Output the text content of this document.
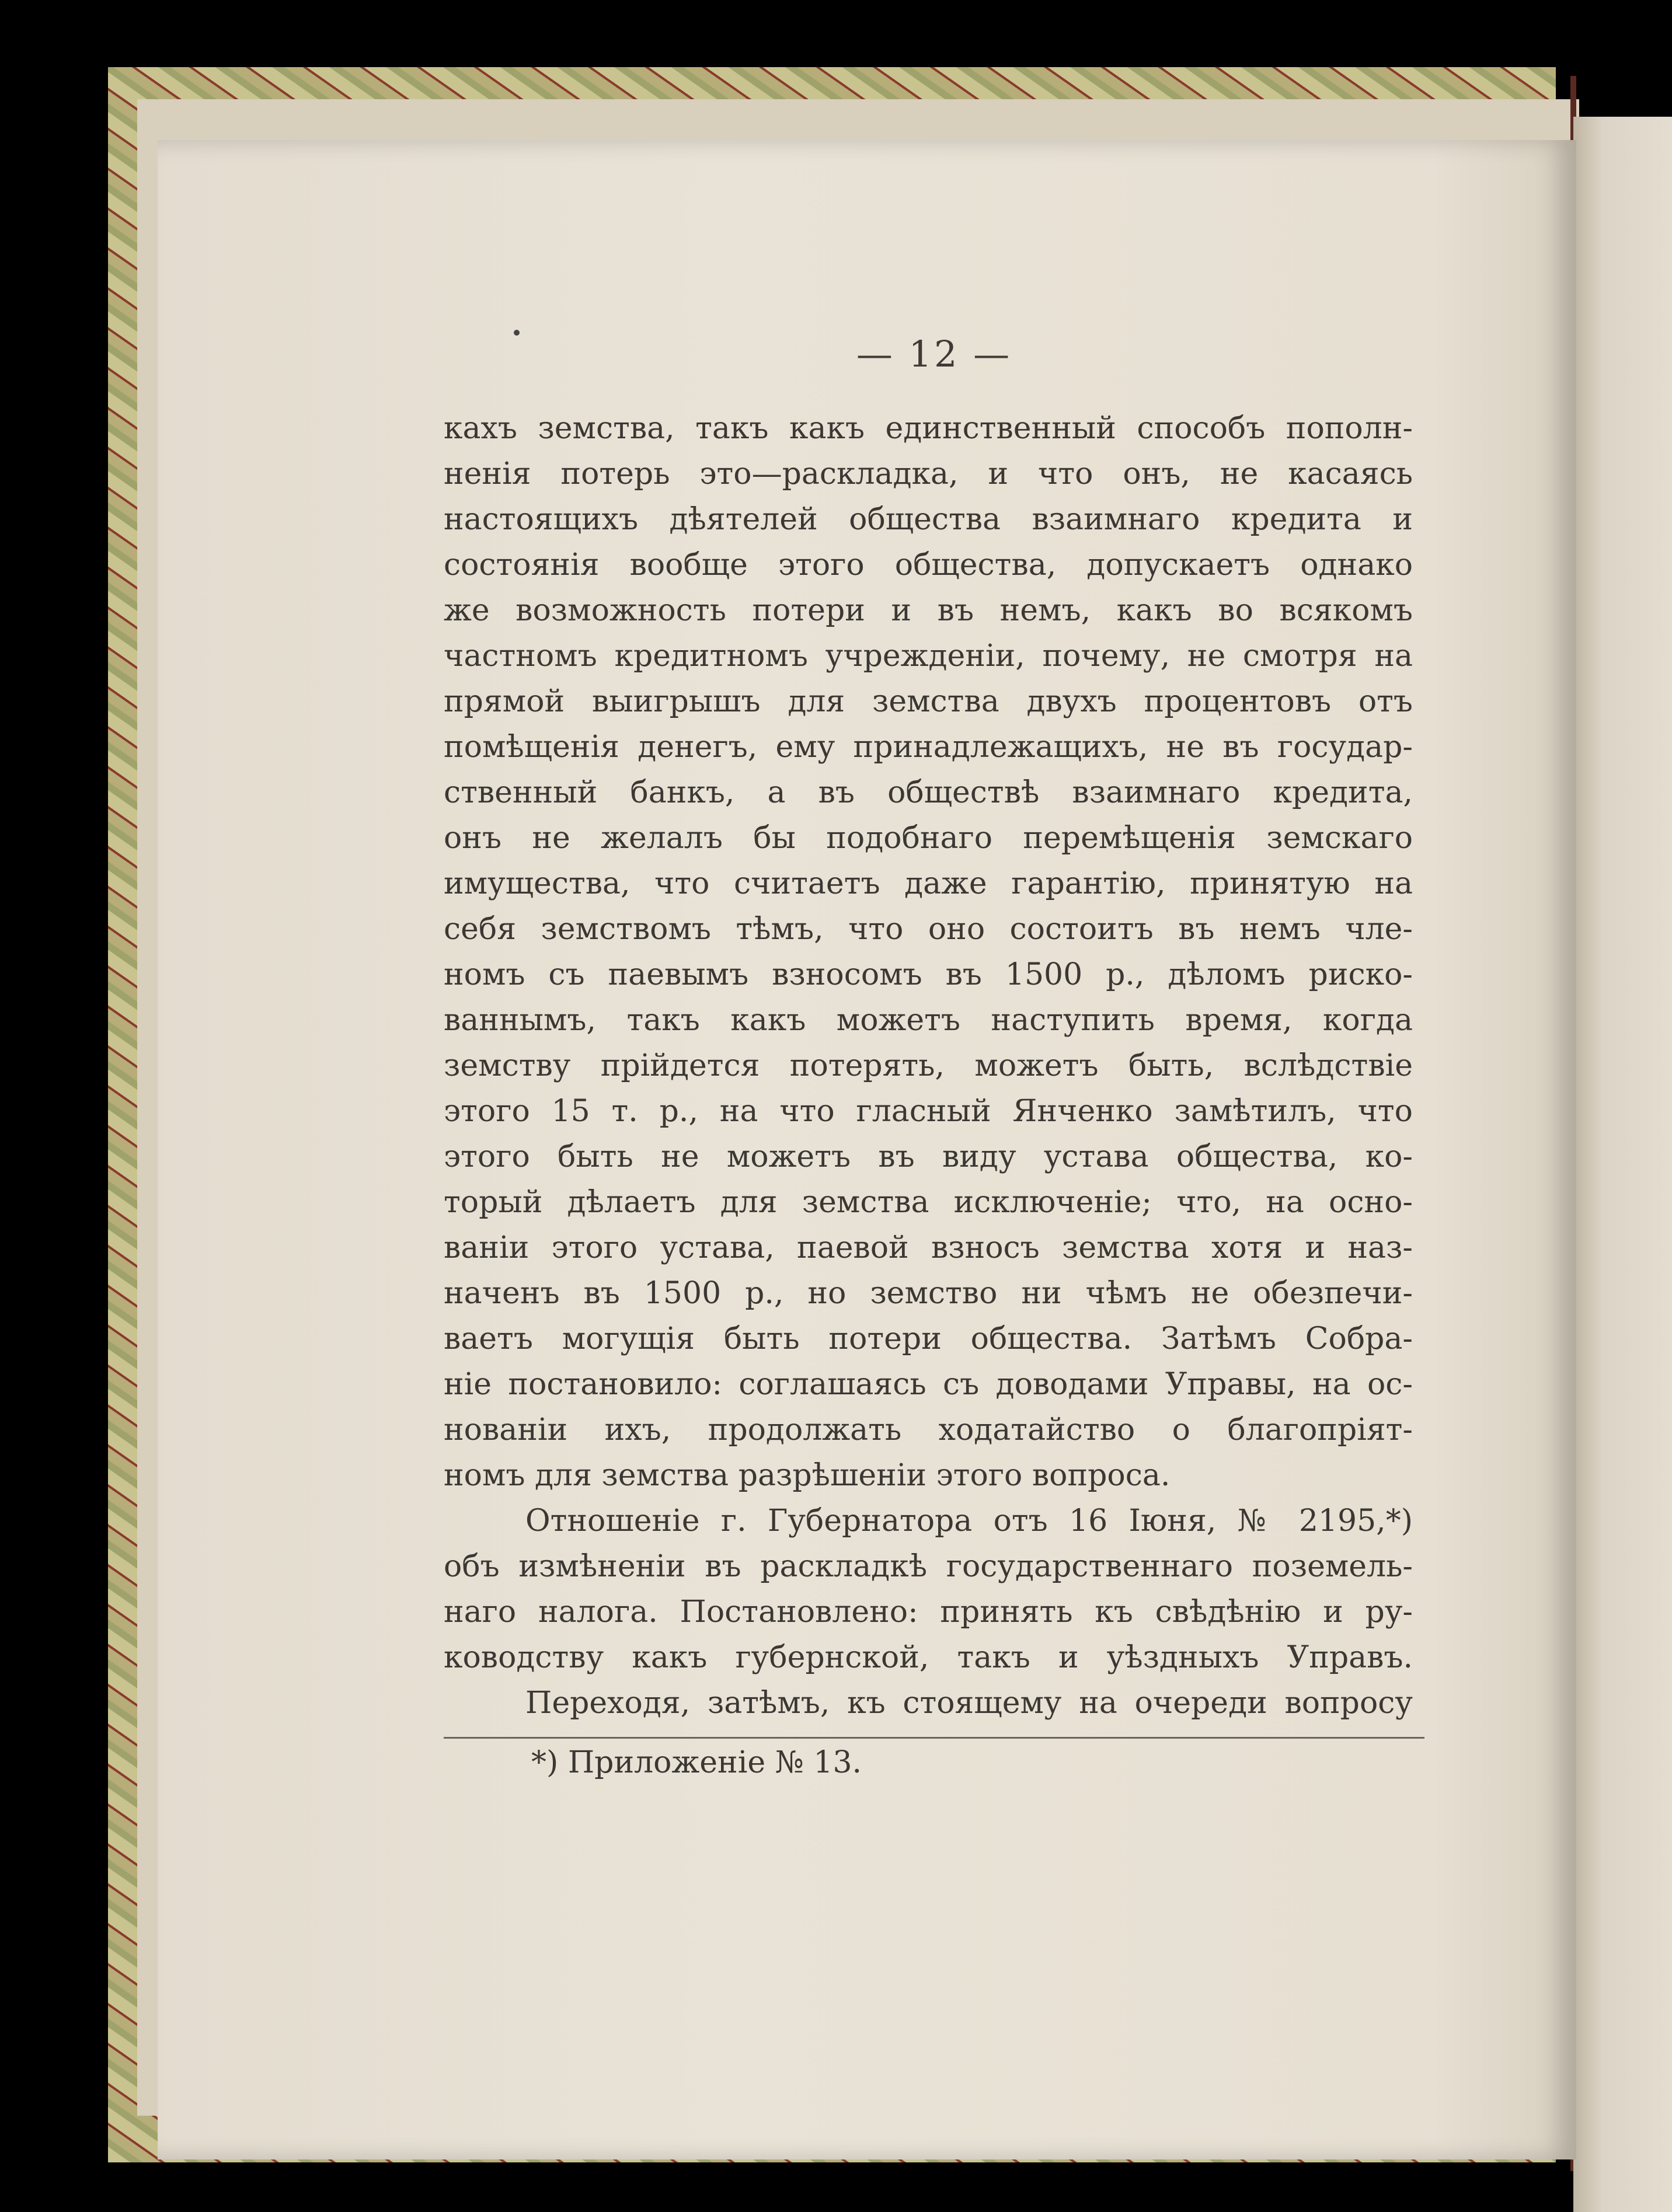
— 12 —
кахъ земства, такъ какъ единственный способъ пополн-
ненія потерь это—раскладка, и что онъ, не касаясь
настоящихъ дѣятелей общества взаимнаго кредита и
состоянія вообще этого общества, допускаетъ однако
же возможность потери и въ немъ, какъ во всякомъ
частномъ кредитномъ учрежденіи, почему, не смотря на
прямой выигрышъ для земства двухъ процентовъ отъ
помѣщенія денегъ, ему принадлежащихъ, не въ государ-
ственный банкъ, а въ обществѣ взаимнаго кредита,
онъ не желалъ бы подобнаго перемѣщенія земскаго
имущества, что считаетъ даже гарантію, принятую на
себя земствомъ тѣмъ, что оно состоитъ въ немъ чле-
номъ съ паевымъ взносомъ въ 1500 р., дѣломъ риско-
ваннымъ, такъ какъ можетъ наступить время, когда
земству прійдется потерять, можетъ быть, вслѣдствіе
этого 15 т. р., на что гласный Янченко замѣтилъ, что
этого быть не можетъ въ виду устава общества, ко-
торый дѣлаетъ для земства исключеніе; что, на осно-
ваніи этого устава, паевой взносъ земства хотя и наз-
наченъ въ 1500 р., но земство ни чѣмъ не обезпечи-
ваетъ могущія быть потери общества. Затѣмъ Собра-
ніе постановило: соглашаясь съ доводами Управы, на ос-
нованіи ихъ, продолжать ходатайство о благопріят-
номъ для земства разрѣшеніи этого вопроса.
Отношеніе г. Губернатора отъ 16 Іюня, № 2195,*)
объ измѣненіи въ раскладкѣ государственнаго поземель-
наго налога. Постановлено: принять къ свѣдѣнію и ру-
ководству какъ губернской, такъ и уѣздныхъ Управъ.
Переходя, затѣмъ, къ стоящему на очереди вопросу
*) Приложеніе № 13.
